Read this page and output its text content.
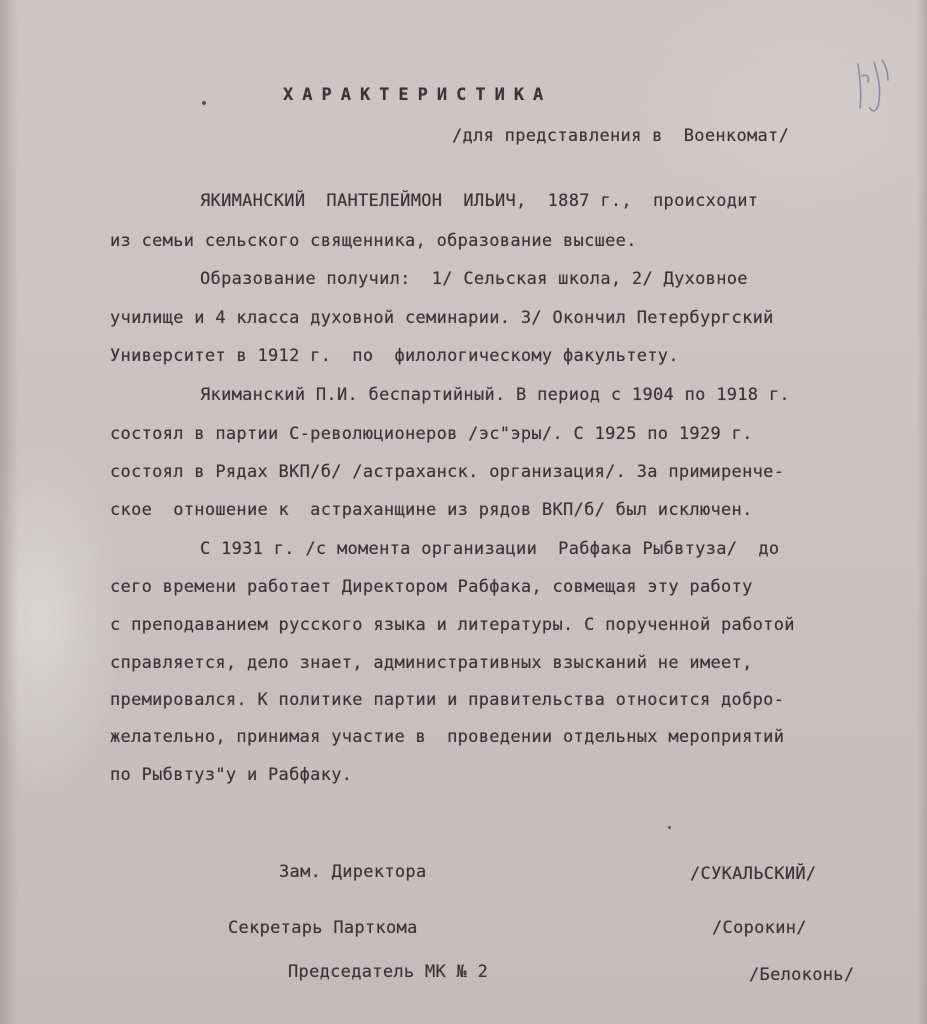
ХАРАКТЕРИСТИКА
/для представления в  Военкомат/
ЯКИМАНСКИЙ  ПАНТЕЛЕЙМОН  ИЛЬИЧ,  1887 г.,  происходит
из семьи сельского священника, образование высшее.
Образование получил:  1/ Сельская школа, 2/ Духовное
училище и 4 класса духовной семинарии. 3/ Окончил Петербургский
Университет в 1912 г.  по  филологическому факультету.
Якиманский П.И. беспартийный. В период с 1904 по 1918 г.
состоял в партии С-революционеров /эс"эры/. С 1925 по 1929 г.
состоял в Рядах ВКП/б/ /астраханск. организация/. За примиренче-
ское  отношение к  астраханщине из рядов ВКП/б/ был исключен.
С 1931 г. /с момента организации  Рабфака Рыбвтуза/  до
сего времени работает Директором Рабфака, совмещая эту работу
с преподаванием русского языка и литературы. С порученной работой
справляется, дело знает, административных взысканий не имеет,
премировался. К политике партии и правительства относится добро-
желательно, принимая участие в  проведении отдельных мероприятий
по Рыбвтуз"у и Рабфаку.
Зам. Директора	/СУКАЛЬСКИЙ/
Секретарь Парткома	/Сорокин/
Председатель МК № 2	/Белоконь/
